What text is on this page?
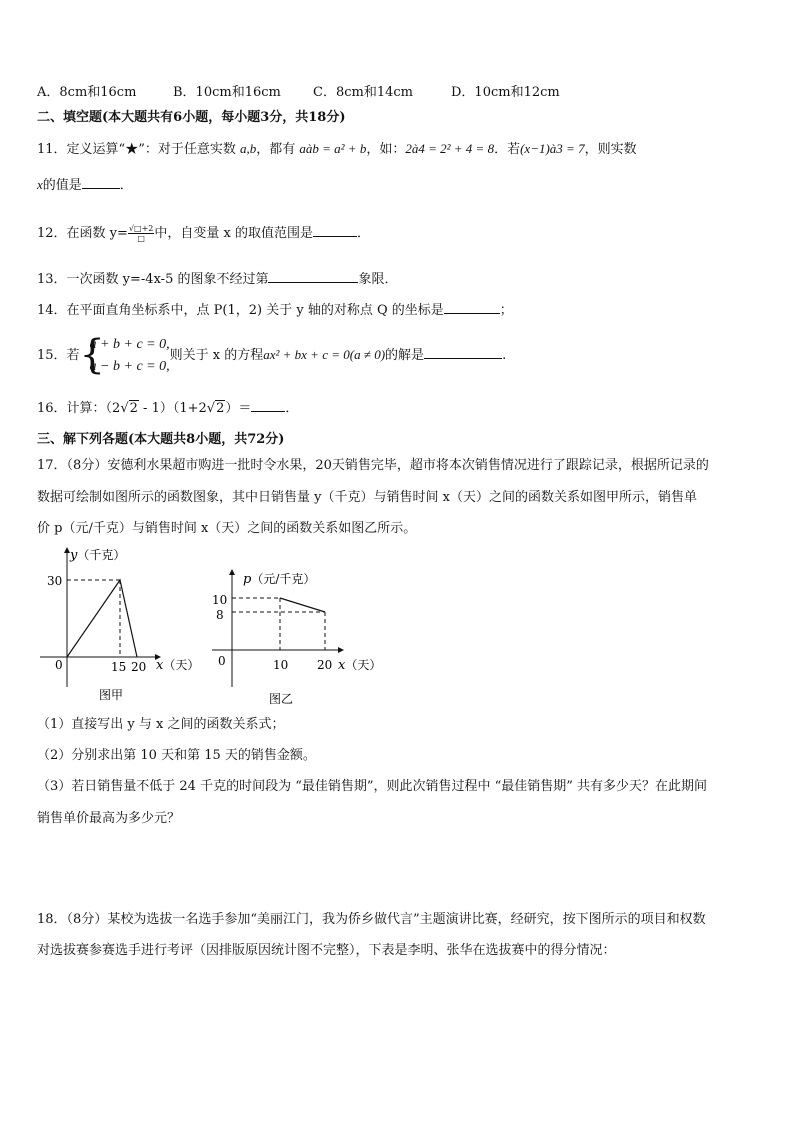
A．8cm和16cm	B．10cm和16cm C．8cm和14cm	D．10cm和12cm
二、填空题(本大题共有6小题，每小题3分，共18分)
11．定义运算“★”：对于任意实数 a,b，都有 aàb = a² + b，如：2à4 = 2² + 4 = 8．若(x−1)à3 = 7，则实数
x的值是	．
12．在函数 $y= \frac{√□+2}{□}$ 中，自变量 x 的取值范围是	．
13．一次函数 y=-4x-5 的图象不经过第	象限．
14．在平面直角坐标系中，点 P(1，2) 关于 y 轴的对称点 Q 的坐标是	；
15．若 {
a + b + c = 0,
a − b + c = 0,
则关于 x 的方程ax² + bx + c = 0(a ≠ 0)的解是	.
16．计算：（2√2 - 1）（1+2√2）＝	．
三、解下列各题(本大题共8小题，共72分)
17．（8分）安德利水果超市购进一批时令水果，20天销售完毕，超市将本次销售情况进行了跟踪记录，根据所记录的
数据可绘制如图所示的函数图象，其中日销售量 y（千克）与销售时间 x（天）之间的函数关系如图甲所示，销售单
价 p（元/千克）与销售时间 x（天）之间的函数关系如图乙所示。
y（千克）
30
0	15 20 x（天）
图甲
p（元/千克）
10
8
0	10 20 x（天）
图乙
（1）直接写出 y 与 x 之间的函数关系式；
（2）分别求出第 10 天和第 15 天的销售金额。
（3）若日销售量不低于 24 千克的时间段为 “最佳销售期”，则此次销售过程中 “最佳销售期” 共有多少天？在此期间
销售单价最高为多少元？
18．（8分）某校为选拔一名选手参加“美丽江门，我为侨乡做代言”主题演讲比赛，经研究，按下图所示的项目和权数
对选拔赛参赛选手进行考评（因排版原因统计图不完整），下表是李明、张华在选拔赛中的得分情况：
